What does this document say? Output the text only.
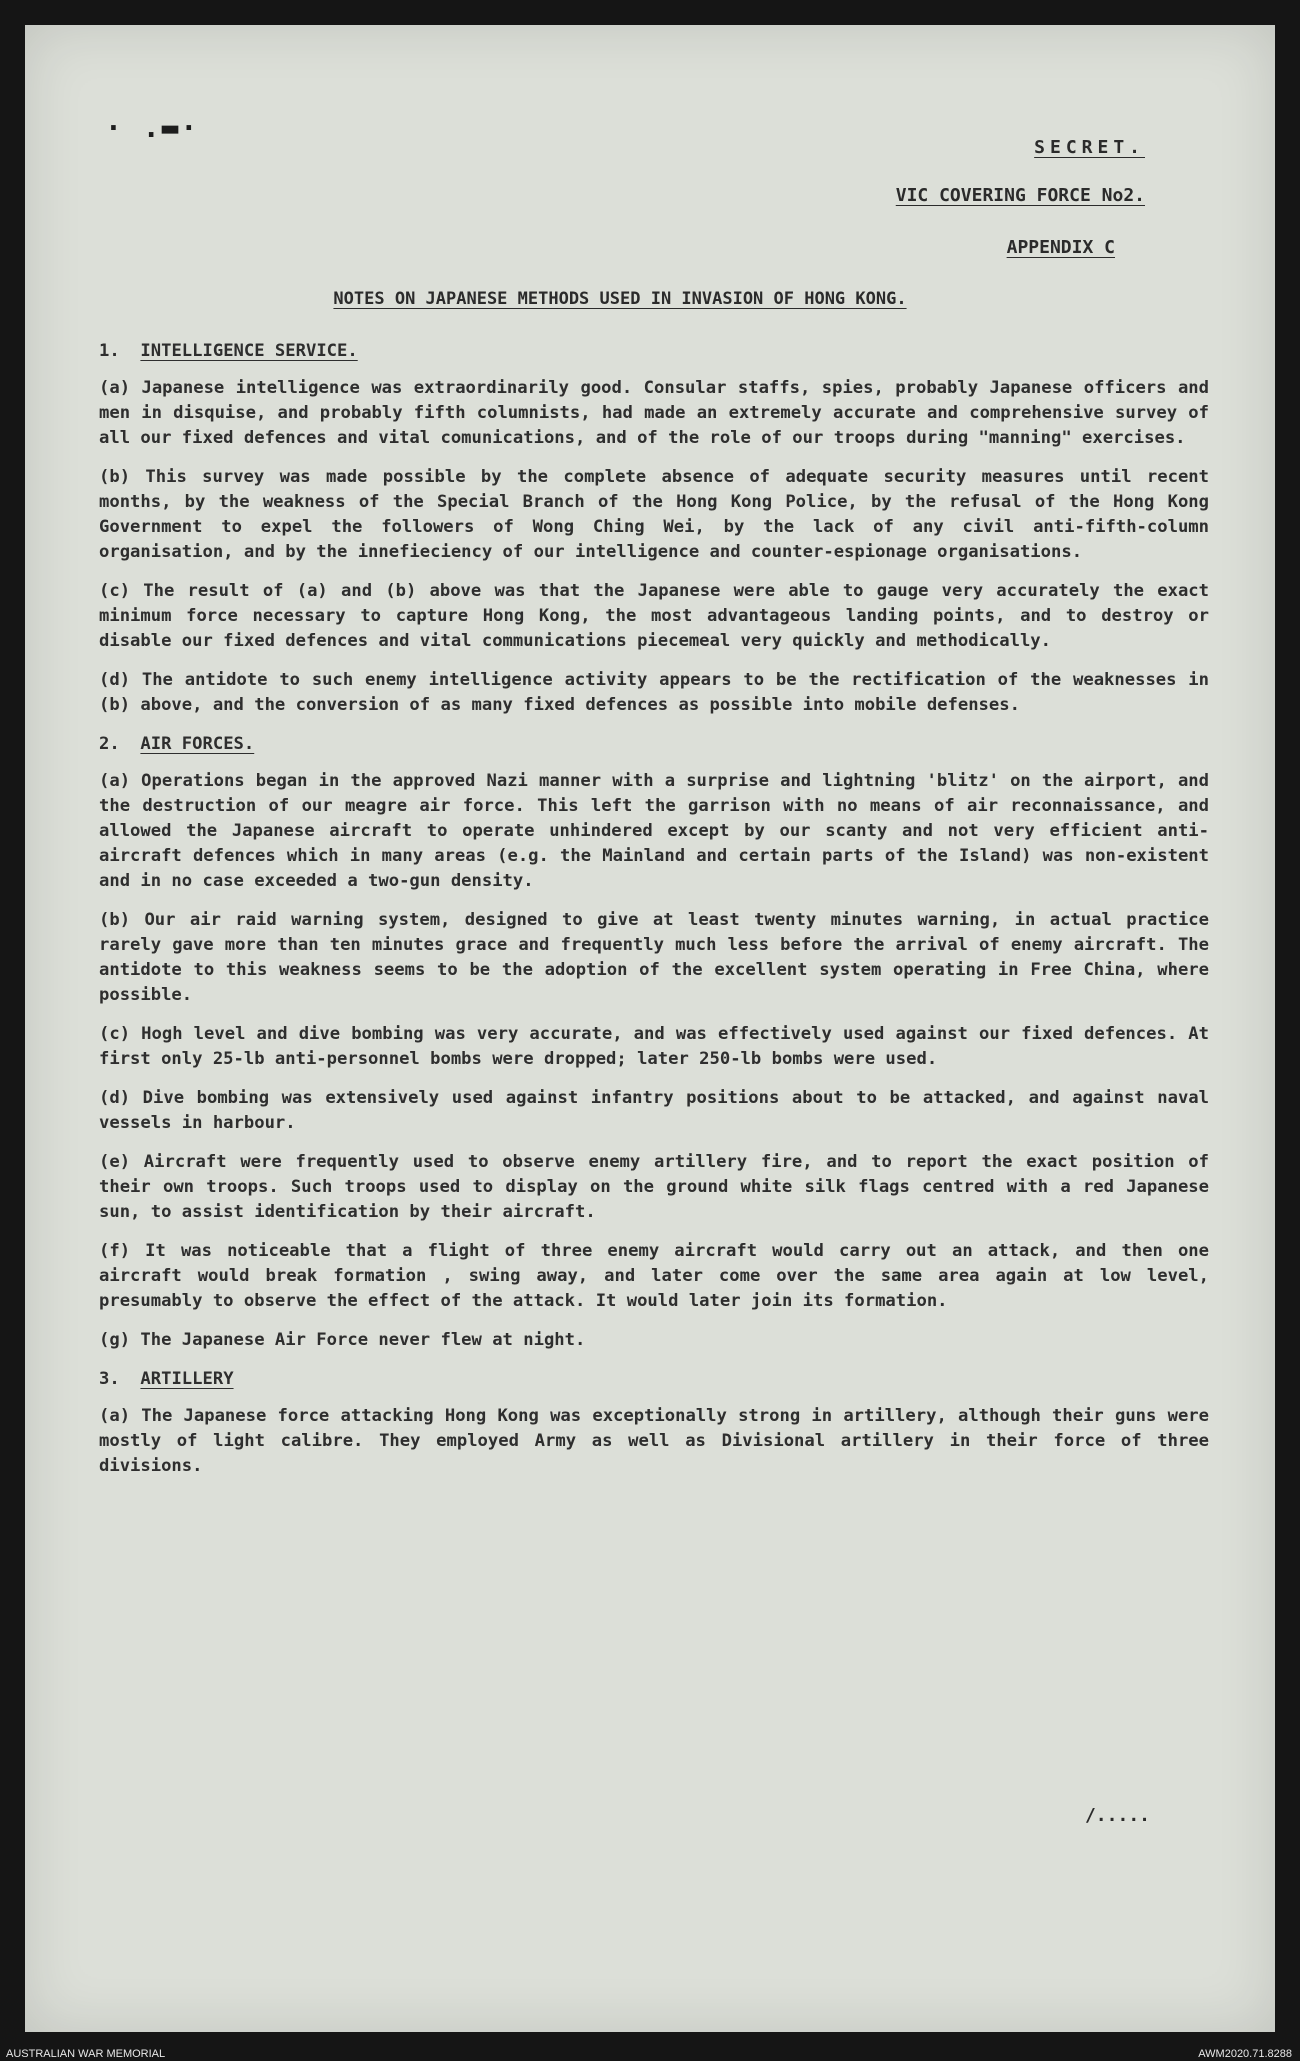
· .▬·
SECRET.
VIC COVERING FORCE No2.
APPENDIX C
NOTES ON JAPANESE METHODS USED IN INVASION OF HONG KONG.

1. INTELLIGENCE SERVICE.

(a) Japanese intelligence was extraordinarily good. Consular staffs, spies, probably Japanese officers and men in disquise, and probably fifth columnists, had made an extremely accurate and comprehensive survey of all our fixed defences and vital comunications, and of the role of our troops during "manning" exercises.

(b) This survey was made possible by the complete absence of adequate security measures until recent months, by the weakness of the Special Branch of the Hong Kong Police, by the refusal of the Hong Kong Government to expel the followers of Wong Ching Wei, by the lack of any civil anti-fifth-column organisation, and by the innefieciency of our intelligence and counter-espionage organisations.

(c) The result of (a) and (b) above was that the Japanese were able to gauge very accurately the exact minimum force necessary to capture Hong Kong, the most advantageous landing points, and to destroy or disable our fixed defences and vital communications piecemeal very quickly and methodically.

(d) The antidote to such enemy intelligence activity appears to be the rectification of the weaknesses in (b) above, and the conversion of as many fixed defences as possible into mobile defenses.

2. AIR FORCES.

(a) Operations began in the approved Nazi manner with a surprise and lightning 'blitz' on the airport, and the destruction of our meagre air force. This left the garrison with no means of air reconnaissance, and allowed the Japanese aircraft to operate unhindered except by our scanty and not very efficient anti-aircraft defences which in many areas (e.g. the Mainland and certain parts of the Island) was non-existent and in no case exceeded a two-gun density.

(b) Our air raid warning system, designed to give at least twenty minutes warning, in actual practice rarely gave more than ten minutes grace and frequently much less before the arrival of enemy aircraft. The antidote to this weakness seems to be the adoption of the excellent system operating in Free China, where possible.

(c) Hogh level and dive bombing was very accurate, and was effectively used against our fixed defences. At first only 25-lb anti-personnel bombs were dropped; later 250-lb bombs were used.

(d) Dive bombing was extensively used against infantry positions about to be attacked, and against naval vessels in harbour.

(e) Aircraft were frequently used to observe enemy artillery fire, and to report the exact position of their own troops. Such troops used to display on the ground white silk flags centred with a red Japanese sun, to assist identification by their aircraft.

(f) It was noticeable that a flight of three enemy aircraft would carry out an attack, and then one aircraft would break formation , swing away, and later come over the same area again at low level, presumably to observe the effect of the attack. It would later join its formation.

(g) The Japanese Air Force never flew at night.

3. ARTILLERY

(a) The Japanese force attacking Hong Kong was exceptionally strong in artillery, although their guns were mostly of light calibre. They employed Army as well as Divisional artillery in their force of three divisions.

/.....
AUSTRALIAN WAR MEMORIAL	AWM2020.71.8288
